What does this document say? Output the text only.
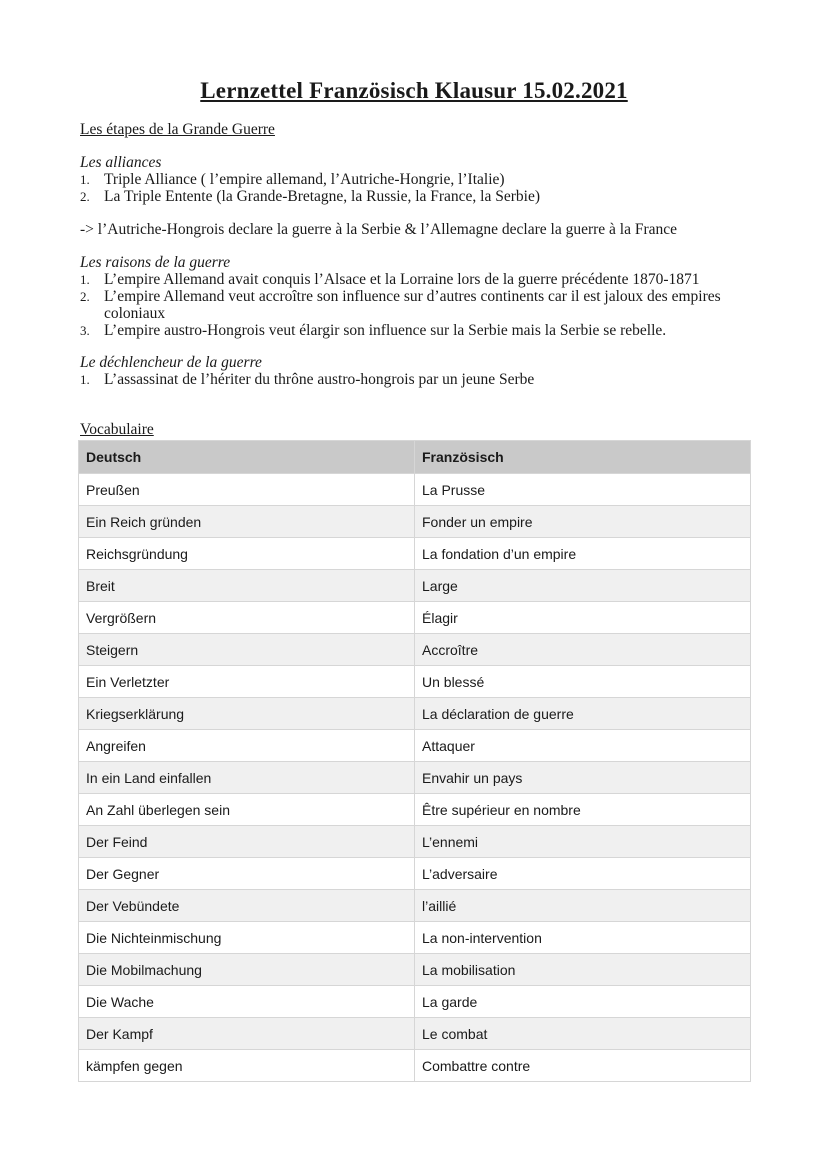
Lernzettel Französisch Klausur 15.02.2021

Les étapes de la Grande Guerre

Les alliances

1. Triple Alliance ( l’empire allemand, l’Autriche-Hongrie, l’Italie)
2. La Triple Entente (la Grande-Bretagne, la Russie, la France, la Serbie)

-> l’Autriche-Hongrois declare la guerre à la Serbie & l’Allemagne declare la guerre à la France

Les raisons de la guerre

1. L’empire Allemand avait conquis l’Alsace et la Lorraine lors de la guerre précédente 1870-1871
2. L’empire Allemand veut accroître son influence sur d’autres continents car il est jaloux des empires coloniaux
3. L’empire austro-Hongrois veut élargir son influence sur la Serbie mais la Serbie se rebelle.

Le déchlencheur de la guerre

1. L’assassinat de l’hériter du thrône austro-hongrois par un jeune Serbe

Vocabulaire

Deutsch	Französisch
Preußen	La Prusse
Ein Reich gründen	Fonder un empire
Reichsgründung	La fondation d’un empire
Breit	Large
Vergrößern	Élagir
Steigern	Accroître
Ein Verletzter	Un blessé
Kriegserklärung	La déclaration de guerre
Angreifen	Attaquer
In ein Land einfallen	Envahir un pays
An Zahl überlegen sein	Être supérieur en nombre
Der Feind	L’ennemi
Der Gegner	L’adversaire
Der Vebündete	l’aillié
Die Nichteinmischung	La non-intervention
Die Mobilmachung	La mobilisation
Die Wache	La garde
Der Kampf	Le combat
kämpfen gegen	Combattre contre
